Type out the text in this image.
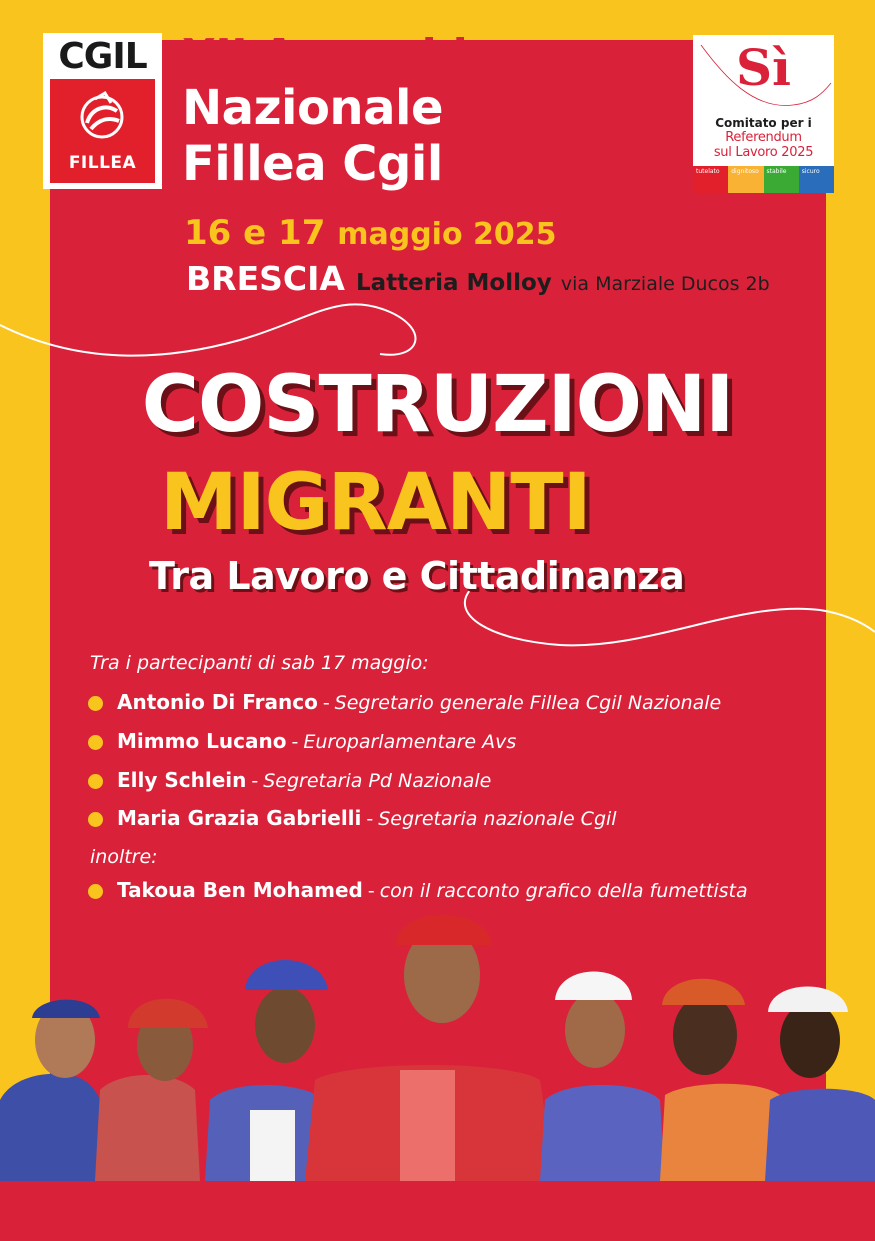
CGIL
FILLEA
XII Assemblea
Nazionale
Fillea Cgil
16 e 17 maggio 2025
BRESCIA Latteria Molloy via Marziale Ducos 2b
Sì
Comitato per i
Referendum
sul Lavoro 2025
tutelato	dignitoso	stabile	sicuro
COSTRUZIONI
MIGRANTI
Tra Lavoro e Cittadinanza
Tra i partecipanti di sab 17 maggio:
Antonio Di Franco - Segretario generale Fillea Cgil Nazionale
Mimmo Lucano - Europarlamentare Avs
Elly Schlein - Segretaria Pd Nazionale
Maria Grazia Gabrielli - Segretaria nazionale Cgil
inoltre:
Takoua Ben Mohamed - con il racconto grafico della fumettista
